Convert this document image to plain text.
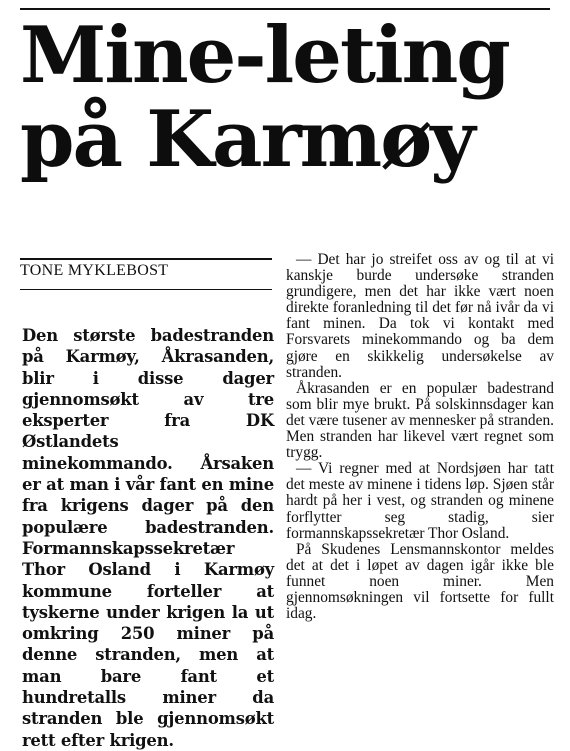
Mine-leting
på Karmøy
TONE MYKLEBOST

Den største badestranden på Karmøy, Åkrasanden, blir i disse dager gjennomsøkt av tre eksperter fra DK Østlandets minekommando. Årsaken er at man i vår fant en mine fra krigens dager på den populære badestranden. Formannskapssekretær Thor Osland i Karmøy kommune forteller at tyskerne under krigen la ut omkring 250 miner på denne stranden, men at man bare fant et hundretalls miner da stranden ble gjennomsøkt rett efter krigen.

— Det har jo streifet oss av og til at vi kanskje burde undersøke stranden grundigere, men det har ikke vært noen direkte foranledning til det før nå ivår da vi fant minen. Da tok vi kontakt med Forsvarets minekommando og ba dem gjøre en skikkelig undersøkelse av stranden.

Åkrasanden er en populær badestrand som blir mye brukt. På solskinnsdager kan det være tusener av mennesker på stranden. Men stranden har likevel vært regnet som trygg.

— Vi regner med at Nordsjøen har tatt det meste av minene i tidens løp. Sjøen står hardt på her i vest, og stranden og minene forflytter seg stadig, sier formannskapssekretær Thor Osland.

På Skudenes Lensmannskontor meldes det at det i løpet av dagen igår ikke ble funnet noen miner. Men gjennomsøkningen vil fortsette for fullt idag.
